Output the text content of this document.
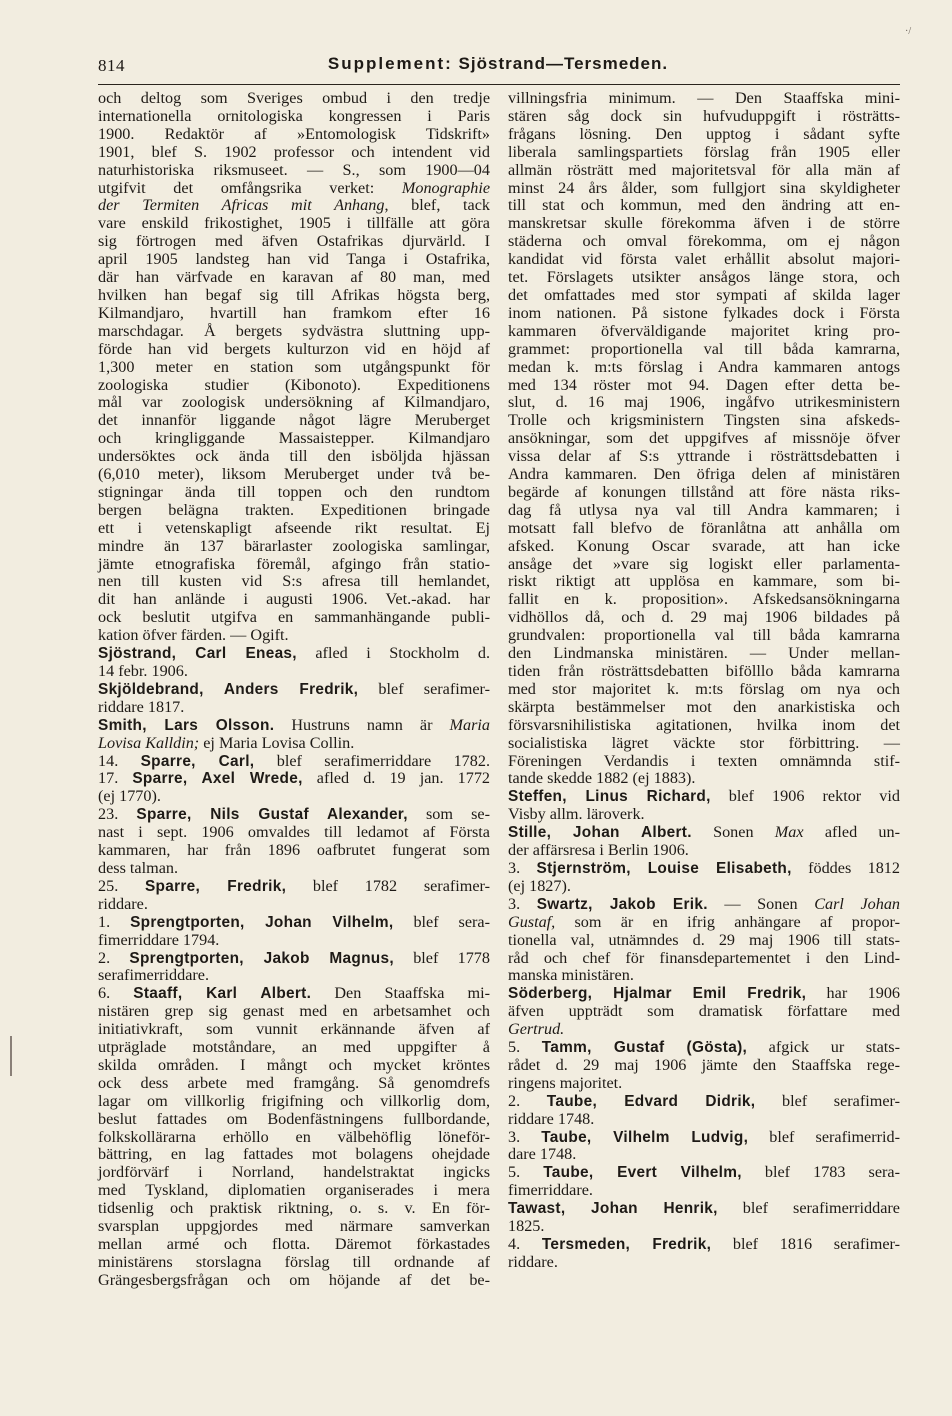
·/
814	Supplement: Sjöstrand—Tersmeden.

och deltog som Sveriges ombud i den tredje

internationella ornitologiska kongressen i Paris

1900. Redaktör af »Entomologisk Tidskrift»

1901, blef S. 1902 professor och intendent vid

naturhistoriska riksmuseet. — S., som 1900—04

utgifvit det omfångsrika verket: Monographie

der Termiten Africas mit Anhang, blef, tack

vare enskild frikostighet, 1905 i tillfälle att göra

sig förtrogen med äfven Ostafrikas djurvärld. I

april 1905 landsteg han vid Tanga i Ostafrika,

där han värfvade en karavan af 80 man, med

hvilken han begaf sig till Afrikas högsta berg,

Kilmandjaro, hvartill han framkom efter 16

marschdagar. Å bergets sydvästra sluttning upp-

förde han vid bergets kulturzon vid en höjd af

1,300 meter en station som utgångspunkt för

zoologiska studier (Kibonoto). Expeditionens

mål var zoologisk undersökning af Kilmandjaro,

det innanför liggande något lägre Meruberget

och kringliggande Massaistepper. Kilmandjaro

undersöktes ock ända till den isböljda hjässan

(6,010 meter), liksom Meruberget under två be-

stigningar ända till toppen och den rundtom

bergen belägna trakten. Expeditionen bringade

ett i vetenskapligt afseende rikt resultat. Ej

mindre än 137 bärarlaster zoologiska samlingar,

jämte etnografiska föremål, afgingo från statio-

nen till kusten vid S:s afresa till hemlandet,

dit han anlände i augusti 1906. Vet.-akad. har

ock beslutit utgifva en sammanhängande publi-

kation öfver färden. — Ogift.

Sjöstrand, Carl Eneas, afled i Stockholm d.

14 febr. 1906.

Skjöldebrand, Anders Fredrik, blef serafimer-

riddare 1817.

Smith, Lars Olsson. Hustruns namn är Maria

Lovisa Kalldin; ej Maria Lovisa Collin.

14. Sparre, Carl, blef serafimerriddare 1782.

17. Sparre, Axel Wrede, afled d. 19 jan. 1772

(ej 1770).

23. Sparre, Nils Gustaf Alexander, som se-

nast i sept. 1906 omvaldes till ledamot af Första

kammaren, har från 1896 oafbrutet fungerat som

dess talman.

25. Sparre, Fredrik, blef 1782 serafimer-

riddare.

1. Sprengtporten, Johan Vilhelm, blef sera-

fimerriddare 1794.

2. Sprengtporten, Jakob Magnus, blef 1778

serafimerriddare.

6. Staaff, Karl Albert. Den Staaffska mi-

nistären grep sig genast med en arbetsamhet och

initiativkraft, som vunnit erkännande äfven af

utpräglade motståndare, an med uppgifter å

skilda områden. I mångt och mycket kröntes

ock dess arbete med framgång. Så genomdrefs

lagar om villkorlig frigifning och villkorlig dom,

beslut fattades om Bodenfästningens fullbordande,

folkskollärarna erhöllo en välbehöflig löneför-

bättring, en lag fattades mot bolagens ohejdade

jordförvärf i Norrland, handelstraktat ingicks

med Tyskland, diplomatien organiserades i mera

tidsenlig och praktisk riktning, o. s. v. En för-

svarsplan uppgjordes med närmare samverkan

mellan armé och flotta. Däremot förkastades

ministärens storslagna förslag till ordnande af

Grängesbergsfrågan och om höjande af det be-

villningsfria minimum. — Den Staaffska mini-

stären såg dock sin hufvuduppgift i rösträtts-

frågans lösning. Den upptog i sådant syfte

liberala samlingspartiets förslag från 1905 eller

allmän rösträtt med majoritetsval för alla män af

minst 24 års ålder, som fullgjort sina skyldigheter

till stat och kommun, med den ändring att en-

manskretsar skulle förekomma äfven i de större

städerna och omval förekomma, om ej någon

kandidat vid första valet erhållit absolut majori-

tet. Förslagets utsikter ansågos länge stora, och

det omfattades med stor sympati af skilda lager

inom nationen. På sistone fylkades dock i Första

kammaren öfverväldigande majoritet kring pro-

grammet: proportionella val till båda kamrarna,

medan k. m:ts förslag i Andra kammaren antogs

med 134 röster mot 94. Dagen efter detta be-

slut, d. 16 maj 1906, ingåfvo utrikesministern

Trolle och krigsministern Tingsten sina afskeds-

ansökningar, som det uppgifves af missnöje öfver

vissa delar af S:s yttrande i rösträttsdebatten i

Andra kammaren. Den öfriga delen af ministären

begärde af konungen tillstånd att före nästa riks-

dag få utlysa nya val till Andra kammaren; i

motsatt fall blefvo de föranlåtna att anhålla om

afsked. Konung Oscar svarade, att han icke

ansåge det »vare sig logiskt eller parlamenta-

riskt riktigt att upplösa en kammare, som bi-

fallit en k. proposition». Afskedsansökningarna

vidhöllos då, och d. 29 maj 1906 bildades på

grundvalen: proportionella val till båda kamrarna

den Lindmanska ministären. — Under mellan-

tiden från rösträttsdebatten bifölllo båda kamrarna

med stor majoritet k. m:ts förslag om nya och

skärpta bestämmelser mot den anarkistiska och

försvarsnihilistiska agitationen, hvilka inom det

socialistiska lägret väckte stor förbittring. —

Föreningen Verdandis i texten omnämnda stif-

tande skedde 1882 (ej 1883).

Steffen, Linus Richard, blef 1906 rektor vid

Visby allm. läroverk.

Stille, Johan Albert. Sonen Max afled un-

der affärsresa i Berlin 1906.

3. Stjernström, Louise Elisabeth, föddes 1812

(ej 1827).

3. Swartz, Jakob Erik. — Sonen Carl Johan

Gustaf, som är en ifrig anhängare af propor-

tionella val, utnämndes d. 29 maj 1906 till stats-

råd och chef för finansdepartementet i den Lind-

manska ministären.

Söderberg, Hjalmar Emil Fredrik, har 1906

äfven uppträdt som dramatisk författare med

Gertrud.

5. Tamm, Gustaf (Gösta), afgick ur stats-

rådet d. 29 maj 1906 jämte den Staaffska rege-

ringens majoritet.

2. Taube, Edvard Didrik, blef serafimer-

riddare 1748.

3. Taube, Vilhelm Ludvig, blef serafimerrid-

dare 1748.

5. Taube, Evert Vilhelm, blef 1783 sera-

fimerriddare.

Tawast, Johan Henrik, blef serafimerriddare

1825.

4. Tersmeden, Fredrik, blef 1816 serafimer-

riddare.
